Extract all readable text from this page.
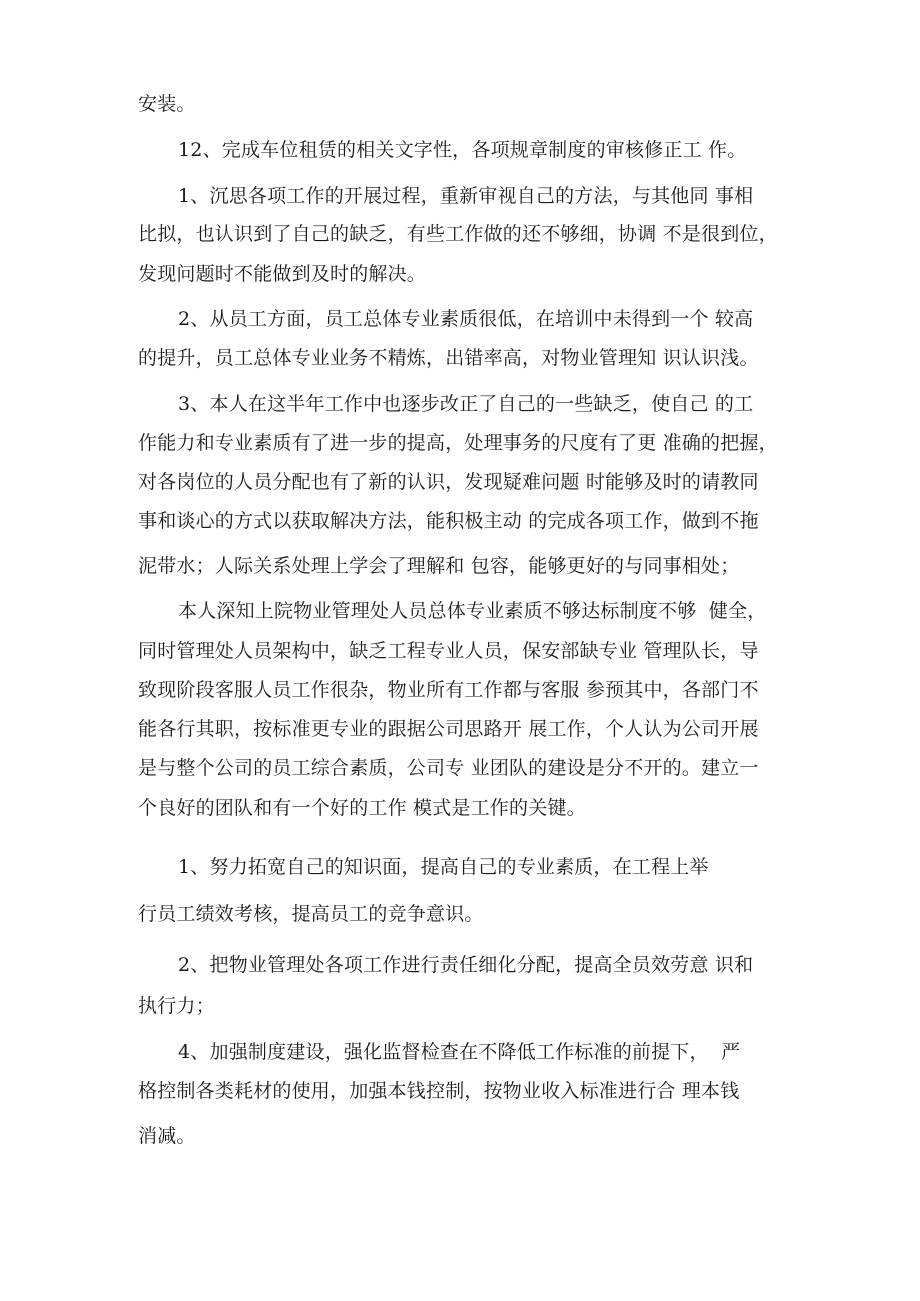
安装。
12、完成车位租赁的相关文字性，各项规章制度的审核修正工 作。
1、沉思各项工作的开展过程，重新审视自己的方法，与其他同 事相
比拟，也认识到了自己的缺乏，有些工作做的还不够细，协调 不是很到位，
发现问题时不能做到及时的解决。
2、从员工方面，员工总体专业素质很低，在培训中未得到一个 较高
的提升，员工总体专业业务不精炼，出错率高，对物业管理知 识认识浅。
3、本人在这半年工作中也逐步改正了自己的一些缺乏，使自己 的工
作能力和专业素质有了进一步的提高，处理事务的尺度有了更 准确的把握，
对各岗位的人员分配也有了新的认识，发现疑难问题 时能够及时的请教同
事和谈心的方式以获取解决方法，能积极主动 的完成各项工作，做到不拖
泥带水；人际关系处理上学会了理解和 包容，能够更好的与同事相处；
本人深知上院物业管理处人员总体专业素质不够达标制度不够  健全，
同时管理处人员架构中，缺乏工程专业人员，保安部缺专业 管理队长，导
致现阶段客服人员工作很杂，物业所有工作都与客服 参预其中，各部门不
能各行其职，按标准更专业的跟据公司思路开 展工作，个人认为公司开展
是与整个公司的员工综合素质，公司专 业团队的建设是分不开的。建立一
个良好的团队和有一个好的工作 模式是工作的关键。
1、努力拓宽自己的知识面，提高自己的专业素质，在工程上举
行员工绩效考核，提高员工的竞争意识。
2、把物业管理处各项工作进行责任细化分配，提高全员效劳意 识和
执行力；
4、加强制度建设，强化监督检查在不降低工作标准的前提下，  严
格控制各类耗材的使用，加强本钱控制，按物业收入标准进行合 理本钱
消减。
